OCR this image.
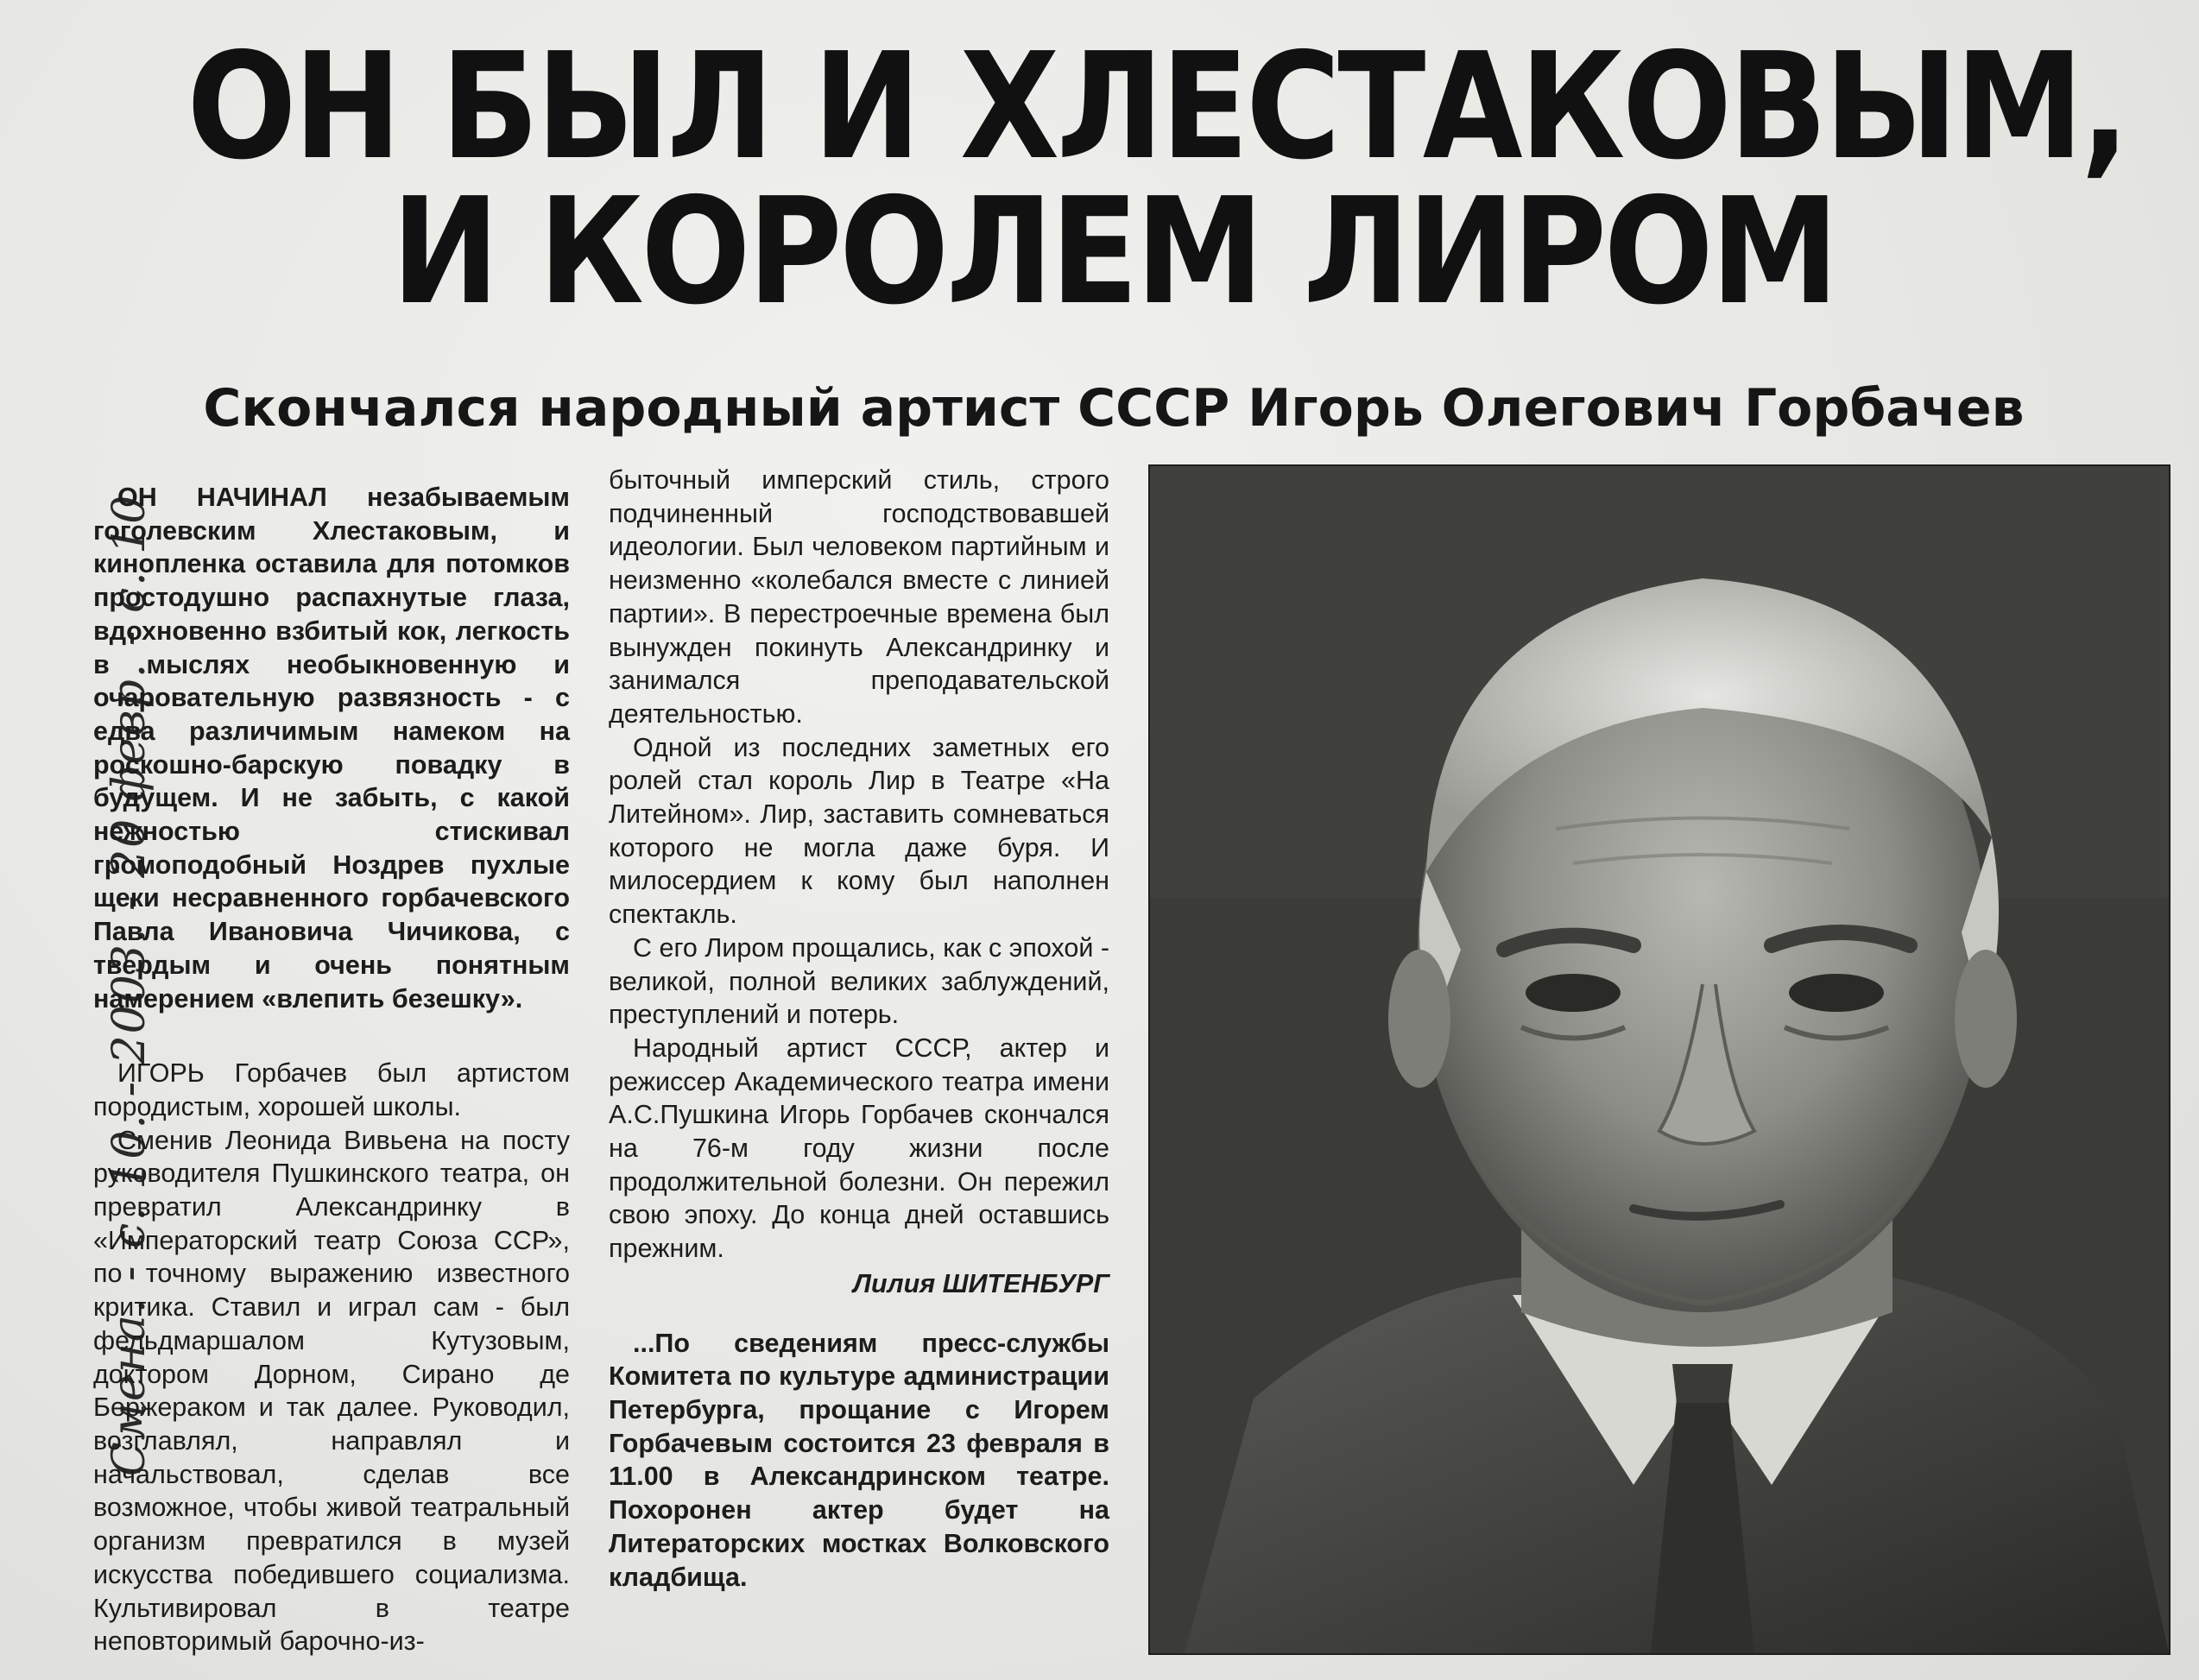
ОН БЫЛ И ХЛЕСТАКОВЫМ,
И КОРОЛЕМ ЛИРОМ
Скончался народный артист СССР Игорь Олегович Горбачев
Смена. - с. 10. - 2003. - 20 февр. - с. 10

ОН НАЧИНАЛ незабываемым гоголевским Хлестаковым, и кинопленка оставила для потомков простодушно распахнутые глаза, вдохновенно взбитый кок, легкость в мыслях необыкновенную и очаровательную развязность - с едва различимым намеком на роскошно-барскую повадку в будущем. И не забыть, с какой нежностью стискивал громоподобный Ноздрев пухлые щеки несравненного горбачевского Павла Ивановича Чичикова, с твердым и очень понятным намерением «влепить безешку».

ИГОРЬ Горбачев был артистом породистым, хорошей школы.

Сменив Леонида Вивьена на посту руководителя Пушкинского театра, он превратил Александринку в «Императорский театр Союза ССР», по точному выражению известного критика. Ставил и играл сам - был фельдмаршалом Кутузовым, доктором Дорном, Сирано де Бержераком и так далее. Руководил, возглавлял, направлял и начальствовал, сделав все возможное, чтобы живой театральный организм превратился в музей искусства победившего социализма. Культивировал в театре неповторимый барочно-из-

быточный имперский стиль, строго подчиненный господствовавшей идеологии. Был человеком партийным и неизменно «колебался вместе с линией партии». В перестроечные времена был вынужден покинуть Александринку и занимался преподавательской деятельностью.

Одной из последних заметных его ролей стал король Лир в Театре «На Литейном». Лир, заставить сомневаться которого не могла даже буря. И милосердием к кому был наполнен спектакль.

С его Лиром прощались, как с эпохой - великой, полной великих заблуждений, преступлений и потерь.

Народный артист СССР, актер и режиссер Академического театра имени А.С.Пушкина Игорь Горбачев скончался на 76-м году жизни после продолжительной болезни. Он пережил свою эпоху. До конца дней оставшись прежним.

Лилия ШИТЕНБУРГ

...По сведениям пресс-службы Комитета по культуре администрации Петербурга, прощание с Игорем Горбачевым состоится 23 февраля в 11.00 в Александринском театре. Похоронен актер будет на Литераторских мостках Волковского кладбища.
